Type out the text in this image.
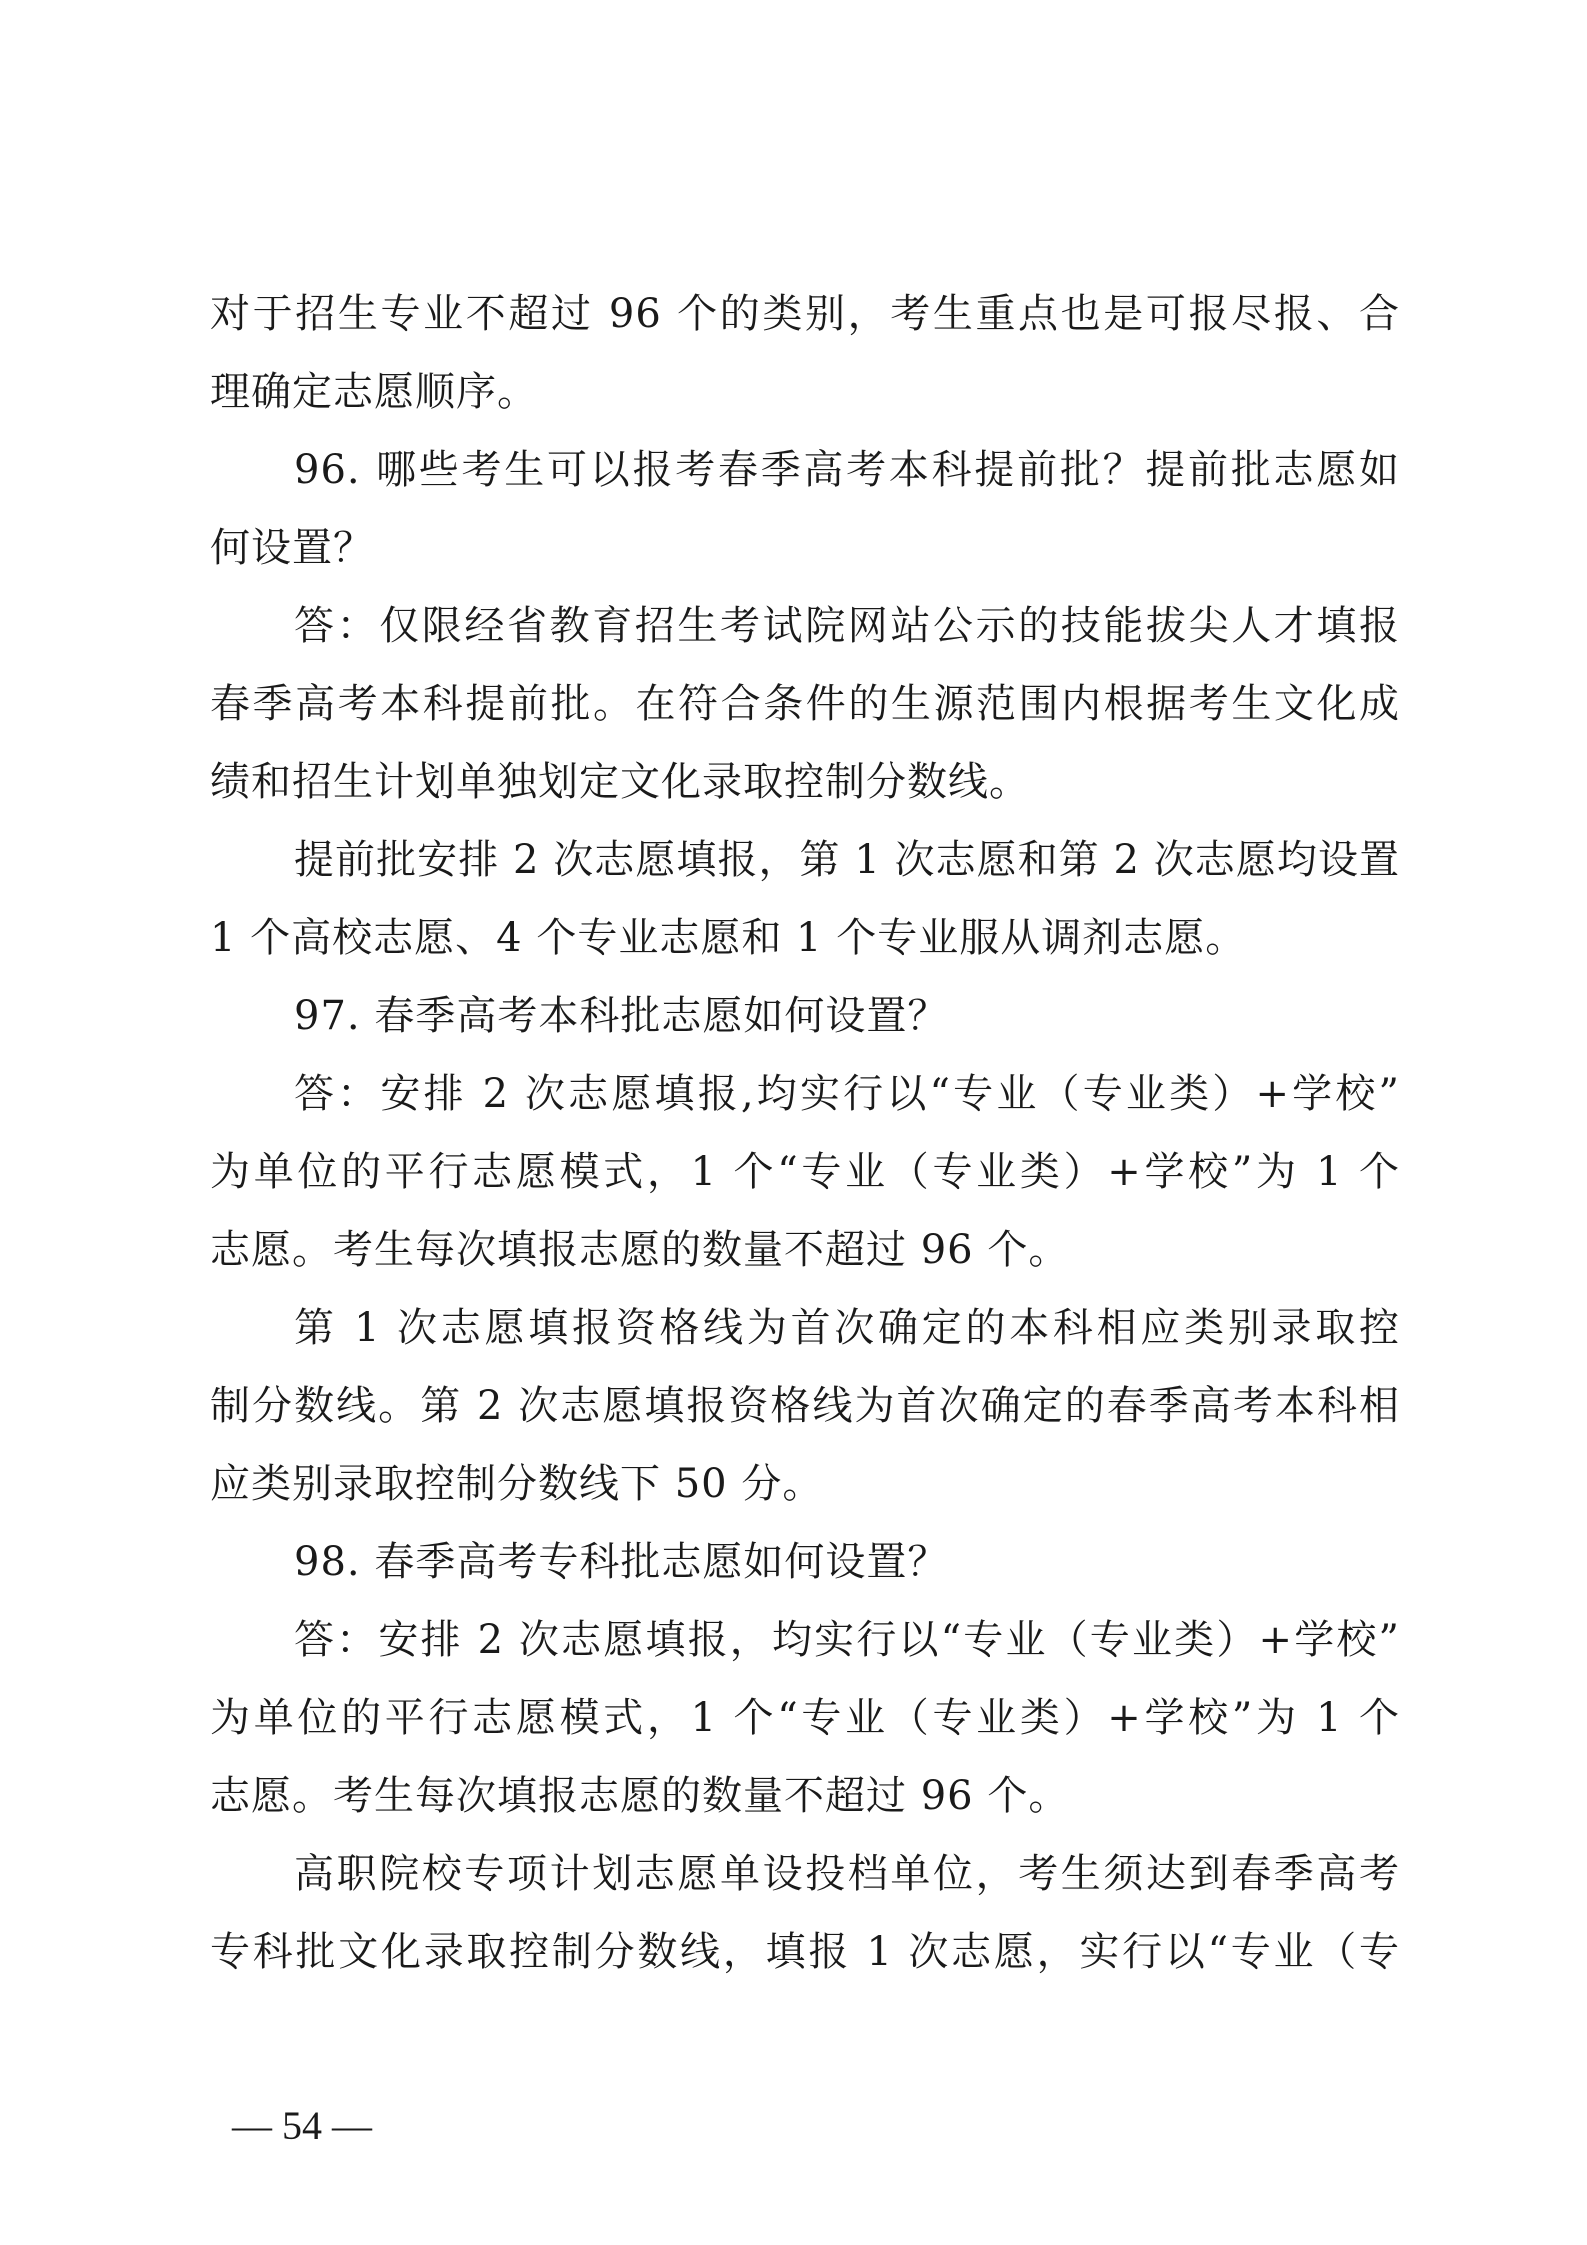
对于招生专业不超过 96 个的类别，考生重点也是可报尽报、合
理确定志愿顺序。
96. 哪些考生可以报考春季高考本科提前批？提前批志愿如
何设置？
答：仅限经省教育招生考试院网站公示的技能拔尖人才填报
春季高考本科提前批。在符合条件的生源范围内根据考生文化成
绩和招生计划单独划定文化录取控制分数线。
提前批安排 2 次志愿填报，第 1 次志愿和第 2 次志愿均设置
1 个高校志愿、4 个专业志愿和 1 个专业服从调剂志愿。
97. 春季高考本科批志愿如何设置？
答：安排 2 次志愿填报,均实行以“专业（专业类）+学校”
为单位的平行志愿模式，1 个“专业（专业类）+学校”为 1 个
志愿。考生每次填报志愿的数量不超过 96 个。
第 1 次志愿填报资格线为首次确定的本科相应类别录取控
制分数线。第 2 次志愿填报资格线为首次确定的春季高考本科相
应类别录取控制分数线下 50 分。
98. 春季高考专科批志愿如何设置？
答：安排 2 次志愿填报，均实行以“专业（专业类）+学校”
为单位的平行志愿模式，1 个“专业（专业类）+学校”为 1 个
志愿。考生每次填报志愿的数量不超过 96 个。
高职院校专项计划志愿单设投档单位，考生须达到春季高考
专科批文化录取控制分数线，填报 1 次志愿，实行以“专业（专
— 54 —
